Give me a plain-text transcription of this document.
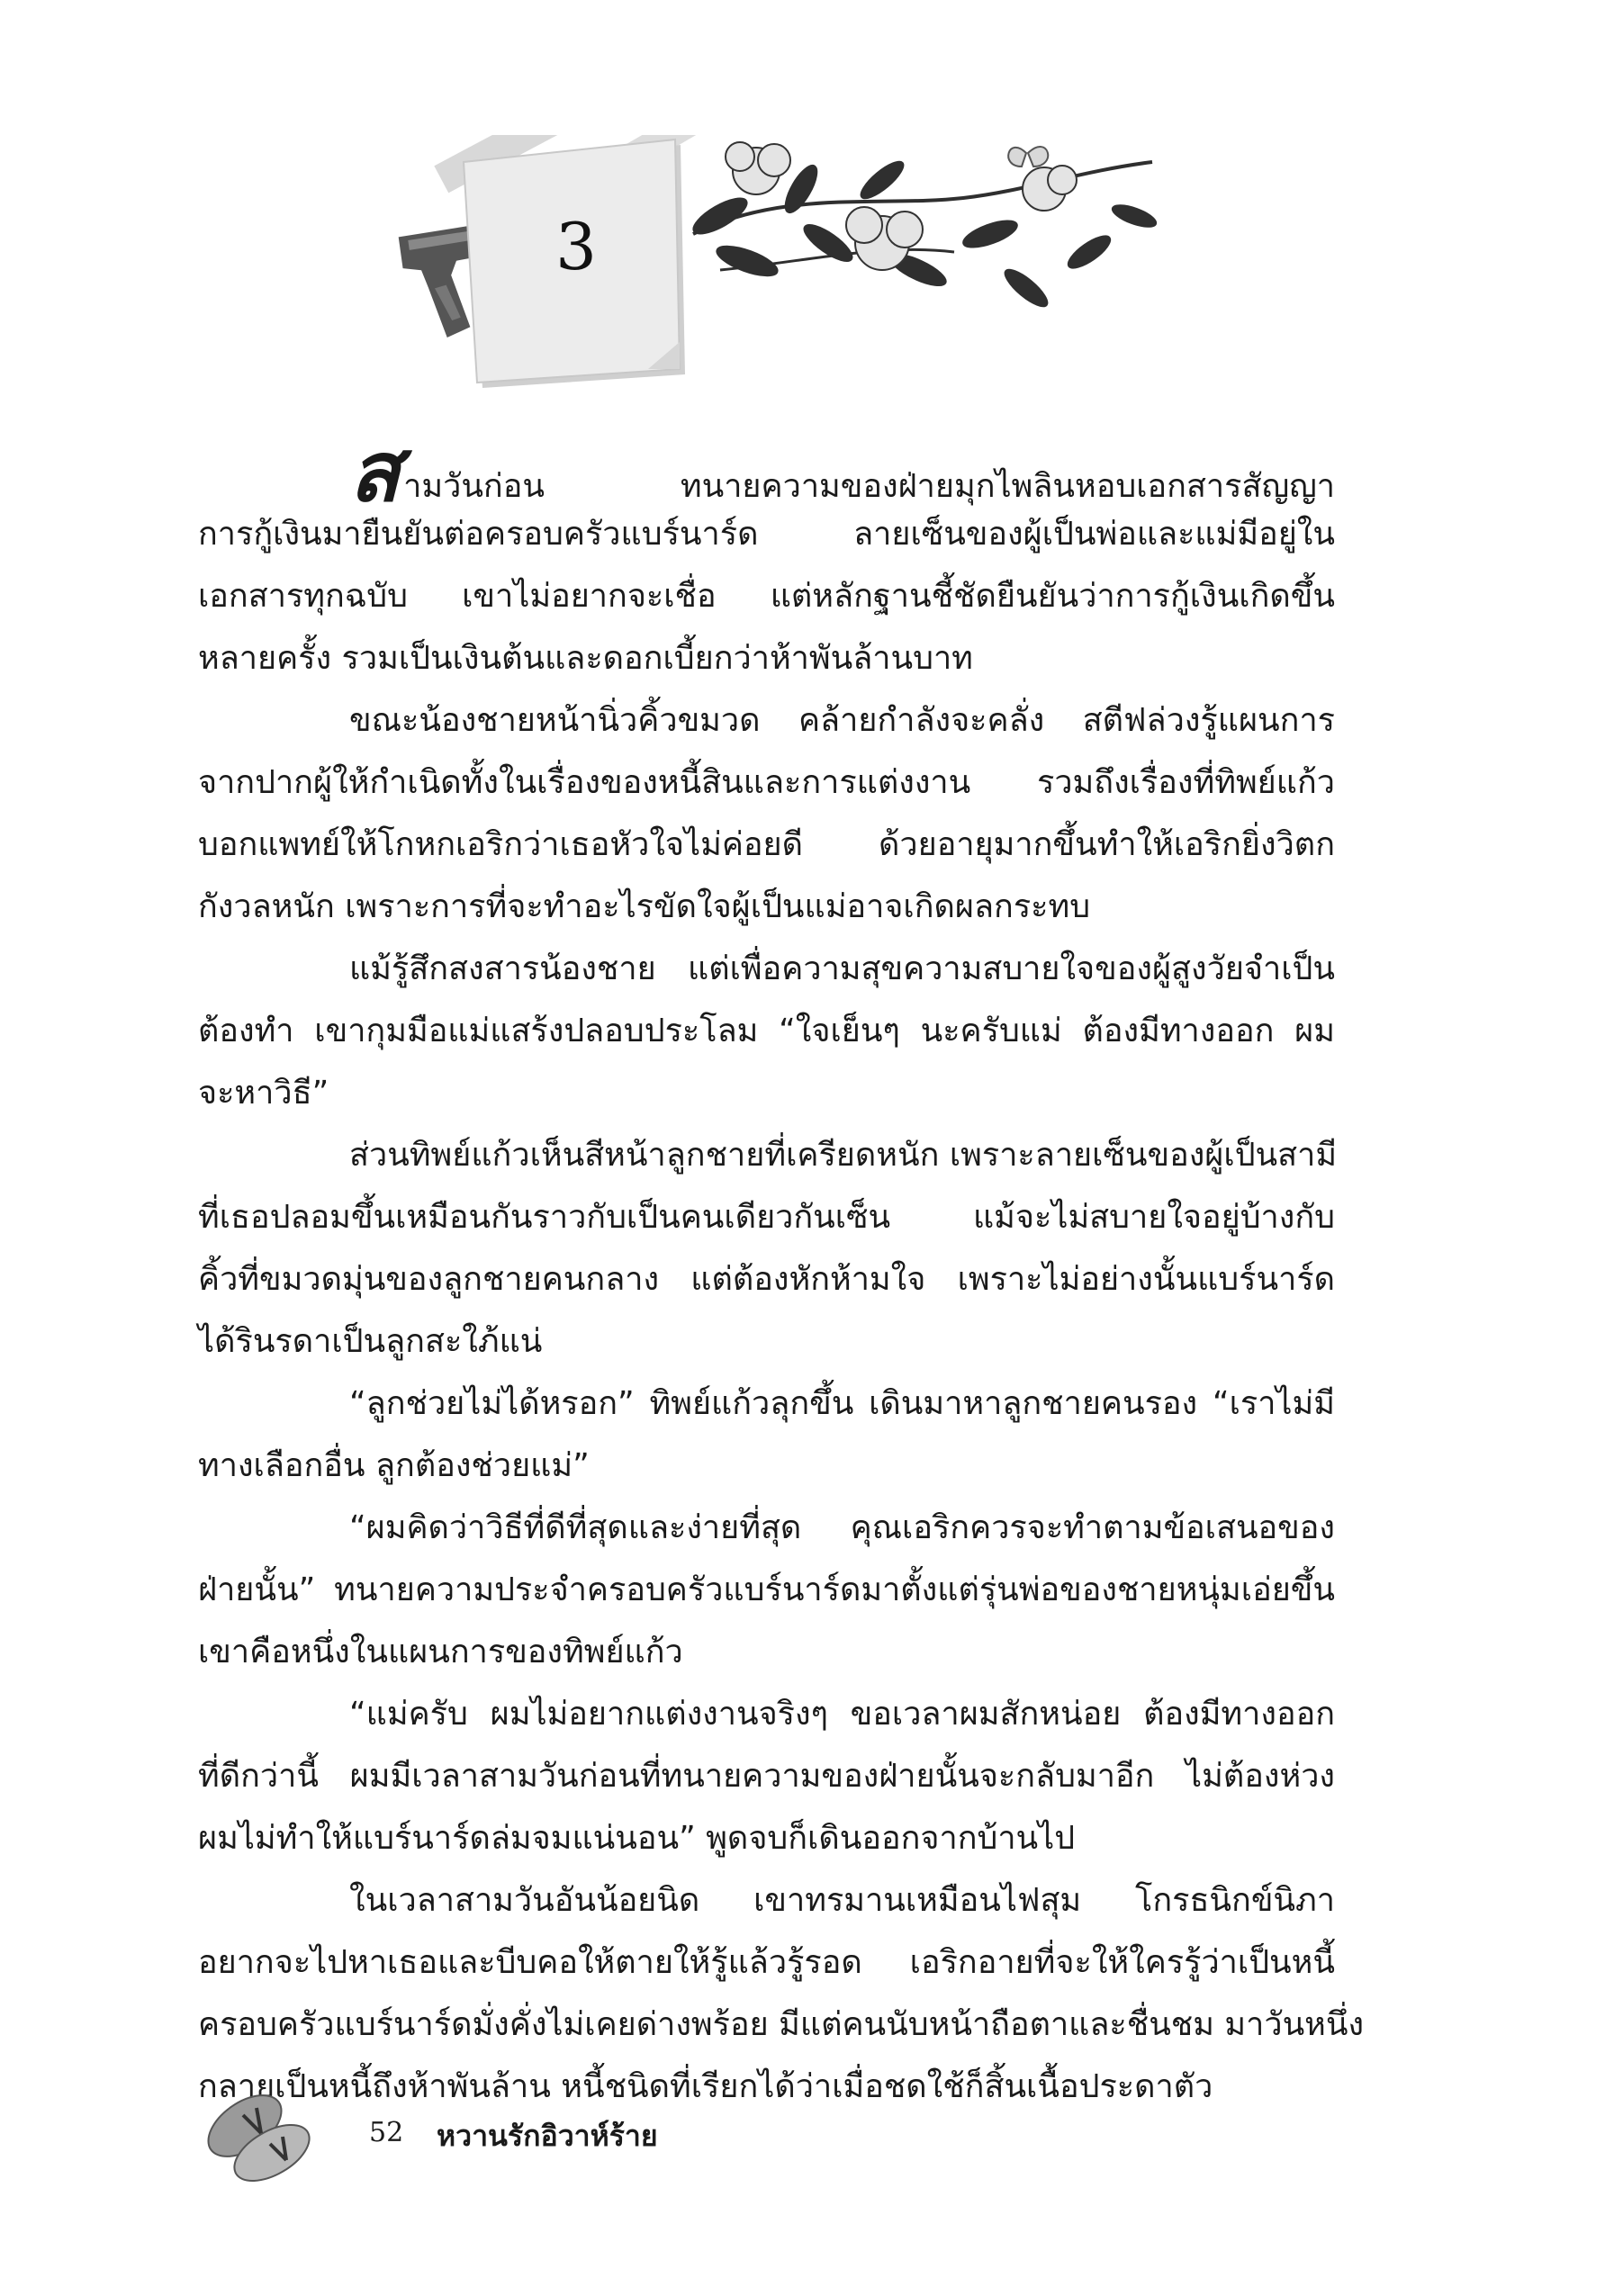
3

สามวันก่อน ทนายความของฝ่ายมุกไพลินหอบเอกสารสัญญา
การกู้เงินมายืนยันต่อครอบครัวแบร์นาร์ด ลายเซ็นของผู้เป็นพ่อและแม่มีอยู่ใน
เอกสารทุกฉบับ เขาไม่อยากจะเชื่อ แต่หลักฐานชี้ชัดยืนยันว่าการกู้เงินเกิดขึ้น
หลายครั้ง รวมเป็นเงินต้นและดอกเบี้ยกว่าห้าพันล้านบาท

ขณะน้องชายหน้านิ่วคิ้วขมวด คล้ายกำลังจะคลั่ง สตีฟล่วงรู้แผนการ
จากปากผู้ให้กำเนิดทั้งในเรื่องของหนี้สินและการแต่งงาน รวมถึงเรื่องที่ทิพย์แก้ว
บอกแพทย์ให้โกหกเอริกว่าเธอหัวใจไม่ค่อยดี ด้วยอายุมากขึ้นทำให้เอริกยิ่งวิตก
กังวลหนัก เพราะการที่จะทำอะไรขัดใจผู้เป็นแม่อาจเกิดผลกระทบ

แม้รู้สึกสงสารน้องชาย แต่เพื่อความสุขความสบายใจของผู้สูงวัยจำเป็น
ต้องทำ เขากุมมือแม่แสร้งปลอบประโลม “ใจเย็นๆ นะครับแม่ ต้องมีทางออก ผม
จะหาวิธี”

ส่วนทิพย์แก้วเห็นสีหน้าลูกชายที่เครียดหนัก เพราะลายเซ็นของผู้เป็นสามี
ที่เธอปลอมขึ้นเหมือนกันราวกับเป็นคนเดียวกันเซ็น แม้จะไม่สบายใจอยู่บ้างกับ
คิ้วที่ขมวดมุ่นของลูกชายคนกลาง แต่ต้องหักห้ามใจ เพราะไม่อย่างนั้นแบร์นาร์ด
ได้รินรดาเป็นลูกสะใภ้แน่

“ลูกช่วยไม่ได้หรอก” ทิพย์แก้วลุกขึ้น เดินมาหาลูกชายคนรอง “เราไม่มี
ทางเลือกอื่น ลูกต้องช่วยแม่”

“ผมคิดว่าวิธีที่ดีที่สุดและง่ายที่สุด คุณเอริกควรจะทำตามข้อเสนอของ
ฝ่ายนั้น” ทนายความประจำครอบครัวแบร์นาร์ดมาตั้งแต่รุ่นพ่อของชายหนุ่มเอ่ยขึ้น
เขาคือหนึ่งในแผนการของทิพย์แก้ว

“แม่ครับ ผมไม่อยากแต่งงานจริงๆ ขอเวลาผมสักหน่อย ต้องมีทางออก
ที่ดีกว่านี้ ผมมีเวลาสามวันก่อนที่ทนายความของฝ่ายนั้นจะกลับมาอีก ไม่ต้องห่วง
ผมไม่ทำให้แบร์นาร์ดล่มจมแน่นอน” พูดจบก็เดินออกจากบ้านไป

ในเวลาสามวันอันน้อยนิด เขาทรมานเหมือนไฟสุม โกรธนิกข์นิภา
อยากจะไปหาเธอและบีบคอให้ตายให้รู้แล้วรู้รอด เอริกอายที่จะให้ใครรู้ว่าเป็นหนี้
ครอบครัวแบร์นาร์ดมั่งคั่งไม่เคยด่างพร้อย มีแต่คนนับหน้าถือตาและชื่นชม มาวันหนึ่ง
กลายเป็นหนี้ถึงห้าพันล้าน หนี้ชนิดที่เรียกได้ว่าเมื่อชดใช้ก็สิ้นเนื้อประดาตัว

52 หวานรักอิวาห์ร้าย
